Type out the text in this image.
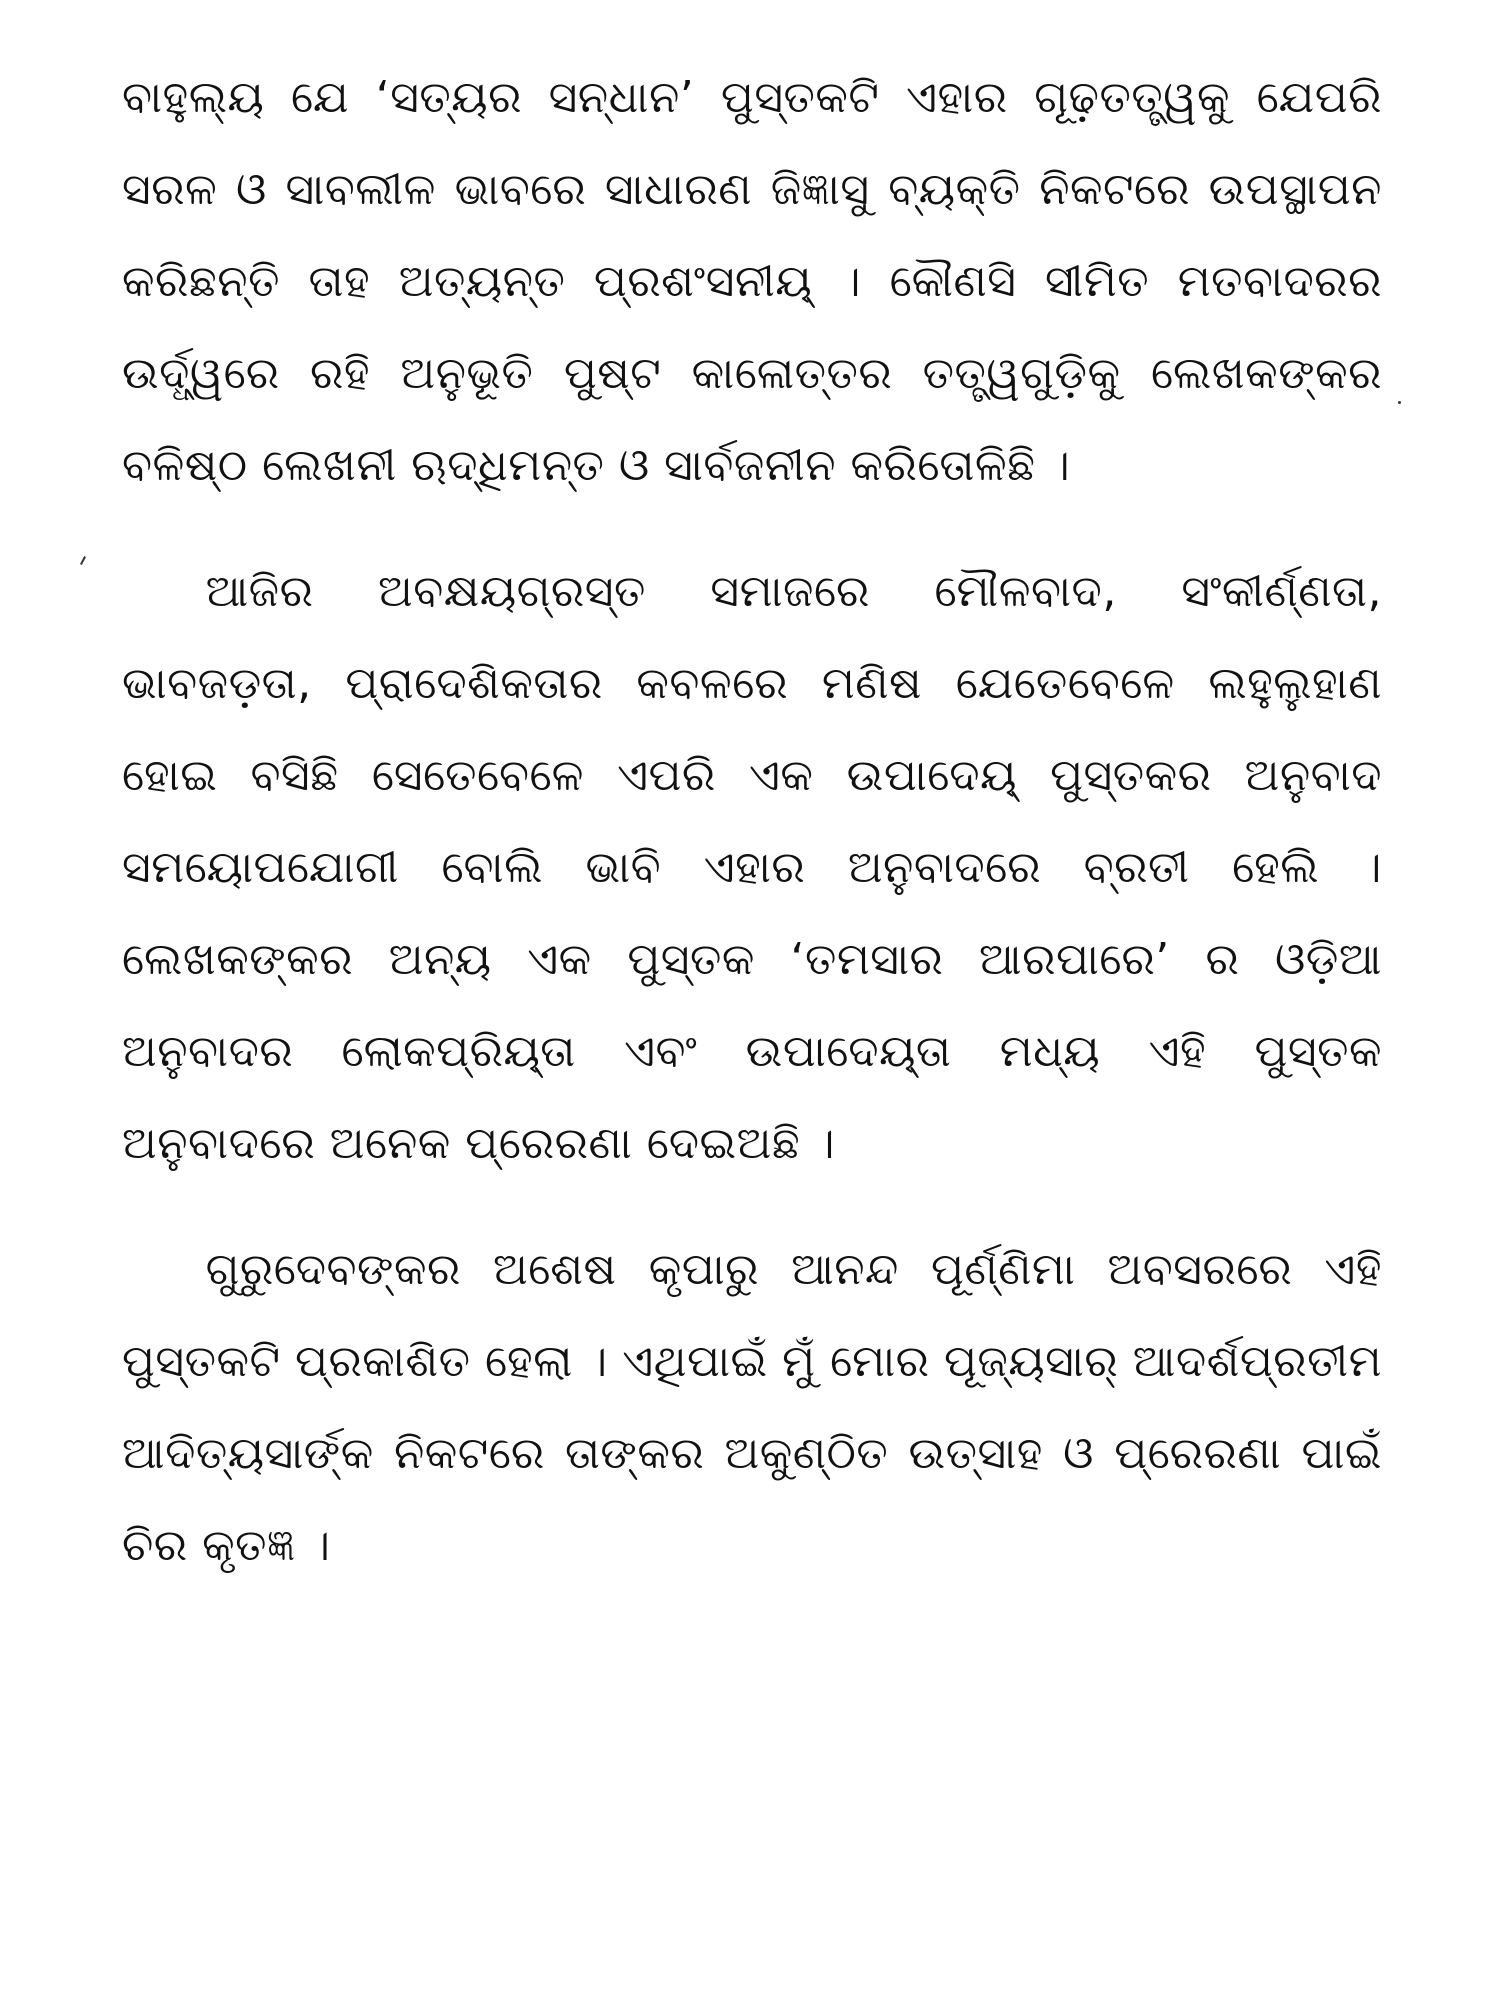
ବାହୁଲ୍ୟ ଯେ ‘ସତ୍ୟର ସନ୍ଧାନ’ ପୁସ୍ତକଟି ଏହାର ଗୂଢ଼ତତ୍ତ୍ୱକୁ ଯେପରି ସରଳ ଓ ସାବଲୀଳ ଭାବରେ ସାଧାରଣ ଜିଜ୍ଞାସୁ ବ୍ୟକ୍ତି ନିକଟରେ ଉପସ୍ଥାପନ କରିଛନ୍ତି ତାହ ଅତ୍ୟନ୍ତ ପ୍ରଶଂସନୀୟ୍ । କୌଣସି ସୀମିତ ମତବାଦରର ଉର୍ଦ୍ଧ୍ୱରେ ରହି ଅନୁଭୂତି ପୁଷ୍ଟ କାଳୋତ୍ତର ତତ୍ତ୍ୱଗୁଡ଼ିକୁ ଲେଖକଙ୍କର ବଳିଷ୍ଠ ଲେଖନୀ ଋଦ୍ଧିମନ୍ତ ଓ ସାର୍ବଜନୀନ କରିତୋଳିଛି ।

ଆଜିର ଅବକ୍ଷୟଗ୍ରସ୍ତ ସମାଜରେ ମୌଳବାଦ, ସଂକୀର୍ଣ୍ଣତା, ଭାବଜଡ଼ତା, ପ୍ରାଦେଶିକତାର କବଳରେ ମଣିଷ ଯେତେବେଳେ ଲହୁଲୁହାଣ ହୋଇ ବସିଛି ସେତେବେଳେ ଏପରି ଏକ ଉପାଦେୟ୍ ପୁସ୍ତକର ଅନୁବାଦ ସମୟୋପଯୋଗୀ ବୋଲି ଭାବି ଏହାର ଅନୁବାଦରେ ବ୍ରତୀ ହେଲି । ଲେଖକଙ୍କର ଅନ୍ୟ ଏକ ପୁସ୍ତକ ‘ତମସାର ଆରପାରେ’ ର ଓଡ଼ିଆ ଅନୁବାଦର ଲୋକପ୍ରିୟ୍ତା ଏବଂ ଉପାଦେୟ୍ତା ମଧ୍ୟ ଏହି ପୁସ୍ତକ ଅନୁବାଦରେ ଅନେକ ପ୍ରେରଣା ଦେଇଅଛି ।

ଗୁରୁଦେବଙ୍କର ଅଶେଷ କୃପାରୁ ଆନନ୍ଦ ପୂର୍ଣ୍ଣିମା ଅବସରରେ ଏହି ପୁସ୍ତକଟି ପ୍ରକାଶିତ ହେଲା । ଏଥିପାଇଁ ମୁଁ ମୋର ପୂଜ୍ୟସାର୍ ଆଦର୍ଶପ୍ରତୀମ ଆଦିତ୍ୟସାର୍ଙ୍କ ନିକଟରେ ତାଙ୍କର ଅକୁଣ୍ଠିତ ଉତ୍ସାହ ଓ ପ୍ରେରଣା ପାଇଁ ଚିର କୃତଜ୍ଞ ।
